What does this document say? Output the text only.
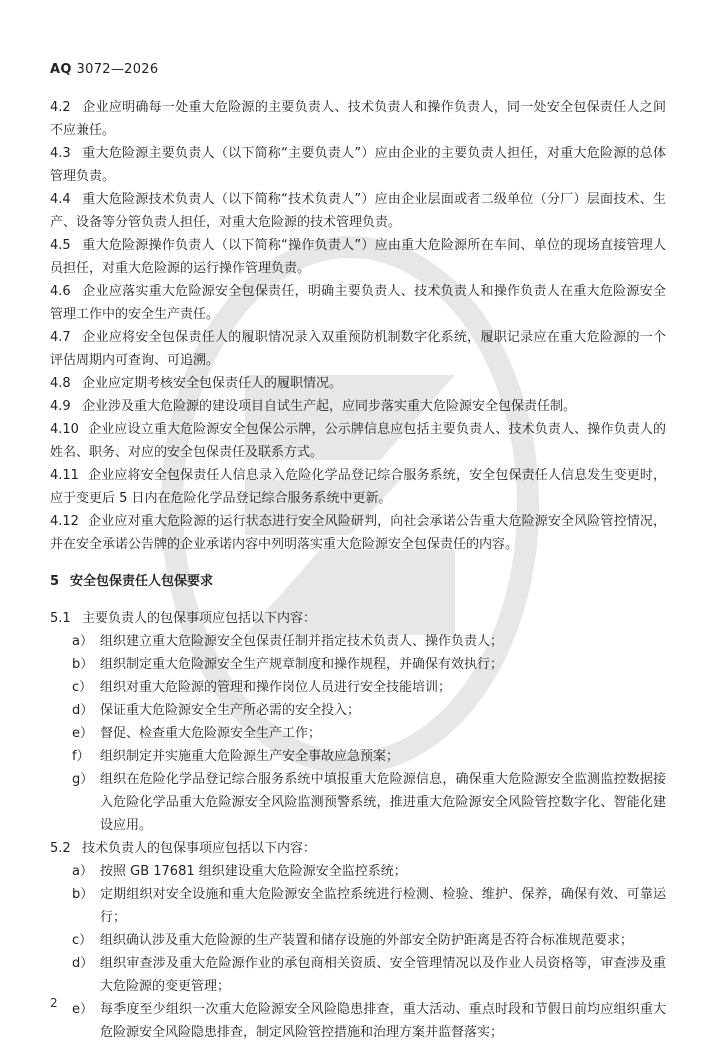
AQ 3072—2026

4.2 企业应明确每一处重大危险源的主要负责人、技术负责人和操作负责人，同一处安全包保责任人之间不应兼任。

4.3 重大危险源主要负责人（以下简称“主要负责人”）应由企业的主要负责人担任，对重大危险源的总体管理负责。

4.4 重大危险源技术负责人（以下简称“技术负责人”）应由企业层面或者二级单位（分厂）层面技术、生产、设备等分管负责人担任，对重大危险源的技术管理负责。

4.5 重大危险源操作负责人（以下简称“操作负责人”）应由重大危险源所在车间、单位的现场直接管理人员担任，对重大危险源的运行操作管理负责。

4.6 企业应落实重大危险源安全包保责任，明确主要负责人、技术负责人和操作负责人在重大危险源安全管理工作中的安全生产责任。

4.7 企业应将安全包保责任人的履职情况录入双重预防机制数字化系统，履职记录应在重大危险源的一个评估周期内可查询、可追溯。

4.8 企业应定期考核安全包保责任人的履职情况。

4.9 企业涉及重大危险源的建设项目自试生产起，应同步落实重大危险源安全包保责任制。

4.10 企业应设立重大危险源安全包保公示牌，公示牌信息应包括主要负责人、技术负责人、操作负责人的姓名、职务、对应的安全包保责任及联系方式。

4.11 企业应将安全包保责任人信息录入危险化学品登记综合服务系统，安全包保责任人信息发生变更时，应于变更后 5 日内在危险化学品登记综合服务系统中更新。

4.12 企业应对重大危险源的运行状态进行安全风险研判，向社会承诺公告重大危险源安全风险管控情况，并在安全承诺公告牌的企业承诺内容中列明落实重大危险源安全包保责任的内容。

5 安全包保责任人包保要求

5.1 主要负责人的包保事项应包括以下内容：

a） 组织建立重大危险源安全包保责任制并指定技术负责人、操作负责人；
b） 组织制定重大危险源安全生产规章制度和操作规程，并确保有效执行；
c） 组织对重大危险源的管理和操作岗位人员进行安全技能培训；
d） 保证重大危险源安全生产所必需的安全投入；
e） 督促、检查重大危险源安全生产工作；
f） 组织制定并实施重大危险源生产安全事故应急预案；
g） 组织在危险化学品登记综合服务系统中填报重大危险源信息，确保重大危险源安全监测监控数据接入危险化学品重大危险源安全风险监测预警系统，推进重大危险源安全风险管控数字化、智能化建设应用。

5.2 技术负责人的包保事项应包括以下内容：

a） 按照 GB 17681 组织建设重大危险源安全监控系统；
b） 定期组织对安全设施和重大危险源安全监控系统进行检测、检验、维护、保养，确保有效、可靠运行；
c） 组织确认涉及重大危险源的生产装置和储存设施的外部安全防护距离是否符合标准规范要求；
d） 组织审查涉及重大危险源作业的承包商相关资质、安全管理情况以及作业人员资格等，审查涉及重大危险源的变更管理；
e） 每季度至少组织一次重大危险源安全风险隐患排查，重大活动、重点时段和节假日前均应组织重大危险源安全风险隐患排查，制定风险管控措施和治理方案并监督落实；
2
